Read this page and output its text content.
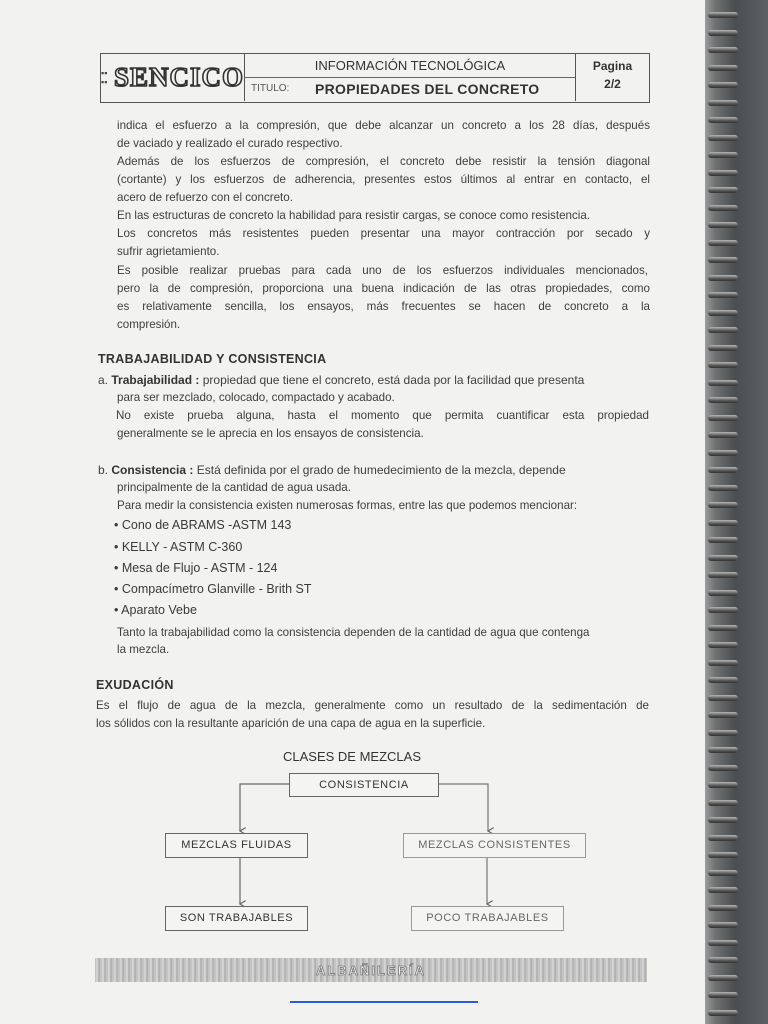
▪▪
▪▪ SENCICO	INFORMACIÓN TECNOLÓGICA
TITULO: PROPIEDADES DEL CONCRETO
Pagina
2/2
indica el esfuerzo a la compresión, que debe alcanzar un concreto a los 28 días, después
de vaciado y realizado el curado respectivo.
Además de los esfuerzos de compresión, el concreto debe resistir la tensión diagonal
(cortante) y los esfuerzos de adherencia, presentes estos últimos al entrar en contacto, el
acero de refuerzo con el concreto.
En las estructuras de concreto la habilidad para resistir cargas, se conoce como resistencia.
Los concretos más resistentes pueden presentar una mayor contracción por secado y
sufrir agrietamiento.
Es posible realizar pruebas para cada uno de los esfuerzos individuales mencionados,
pero la de compresión, proporciona una buena indicación de las otras propiedades, como
es relativamente sencilla, los ensayos, más frecuentes se hacen de concreto a la
compresión.
TRABAJABILIDAD Y CONSISTENCIA
a. Trabajabilidad : propiedad que tiene el concreto, está dada por la facilidad que presenta
para ser mezclado, colocado, compactado y acabado.
No existe prueba alguna, hasta el momento que permita cuantificar esta propiedad
generalmente se le aprecia en los ensayos de consistencia.
b. Consistencia : Está definida por el grado de humedecimiento de la mezcla, depende
principalmente de la cantidad de agua usada.
Para medir la consistencia existen numerosas formas, entre las que podemos mencionar:
• Cono de ABRAMS -ASTM 143
• KELLY - ASTM C-360
• Mesa de Flujo - ASTM - 124
• Compacímetro Glanville - Brith ST
• Aparato Vebe
Tanto la trabajabilidad como la consistencia dependen de la cantidad de agua que contenga
la mezcla.
EXUDACIÓN
Es el flujo de agua de la mezcla, generalmente como un resultado de la sedimentación de
los sólidos con la resultante aparición de una capa de agua en la superficie.
CLASES DE MEZCLAS
CONSISTENCIA
MEZCLAS FLUIDAS	MEZCLAS CONSISTENTES
SON TRABAJABLES	POCO TRABAJABLES
ALBAÑILERÍA
